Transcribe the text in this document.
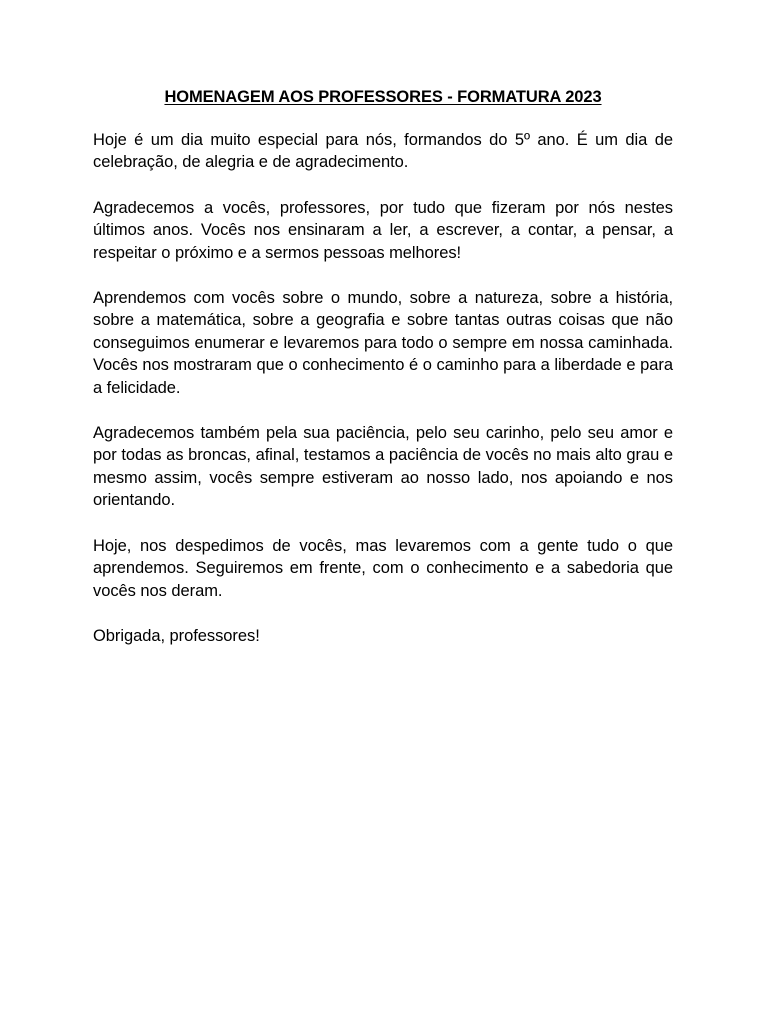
HOMENAGEM AOS PROFESSORES - FORMATURA 2023

Hoje é um dia muito especial para nós, formandos do 5º ano. É um dia de celebração, de alegria e de agradecimento.

Agradecemos a vocês, professores, por tudo que fizeram por nós nestes últimos anos. Vocês nos ensinaram a ler, a escrever, a contar, a pensar, a respeitar o próximo e a sermos pessoas melhores!

Aprendemos com vocês sobre o mundo, sobre a natureza, sobre a história, sobre a matemática, sobre a geografia e sobre tantas outras coisas que não conseguimos enumerar e levaremos para todo o sempre em nossa caminhada. Vocês nos mostraram que o conhecimento é o caminho para a liberdade e para a felicidade.

Agradecemos também pela sua paciência, pelo seu carinho, pelo seu amor e por todas as broncas, afinal, testamos a paciência de vocês no mais alto grau e mesmo assim, vocês sempre estiveram ao nosso lado, nos apoiando e nos orientando.

Hoje, nos despedimos de vocês, mas levaremos com a gente tudo o que aprendemos. Seguiremos em frente, com o conhecimento e a sabedoria que vocês nos deram.

Obrigada, professores!
